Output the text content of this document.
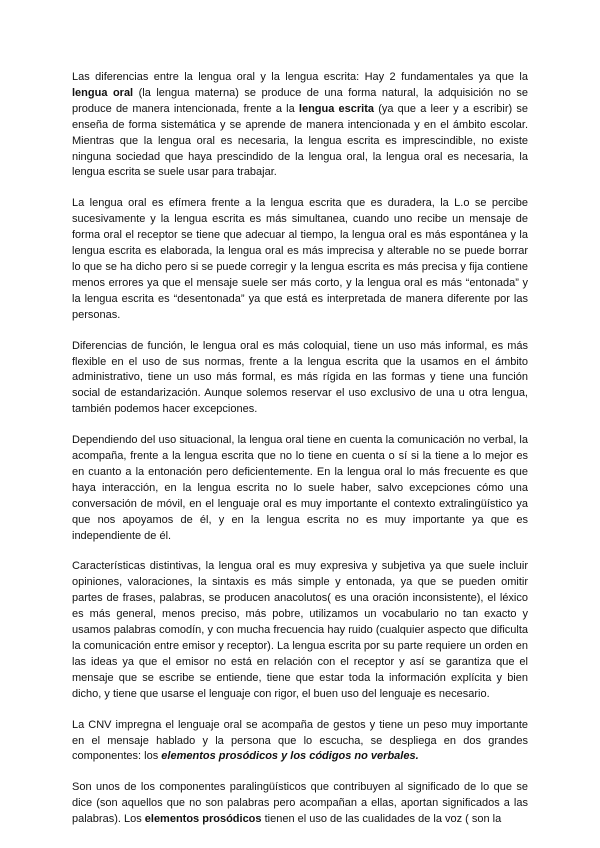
Las diferencias entre la lengua oral y la lengua escrita: Hay 2 fundamentales ya que la lengua oral (la lengua materna) se produce de una forma natural, la adquisición no se produce de manera intencionada, frente a la lengua escrita (ya que a leer y a escribir) se enseña de forma sistemática y se aprende de manera intencionada y en el ámbito escolar. Mientras que la lengua oral es necesaria, la lengua escrita es imprescindible, no existe ninguna sociedad que haya prescindido de la lengua oral, la lengua oral es necesaria, la lengua escrita se suele usar para trabajar.

La lengua oral es efímera frente a la lengua escrita que es duradera, la L.o se percibe sucesivamente y la lengua escrita es más simultanea, cuando uno recibe un mensaje de forma oral el receptor se tiene que adecuar al tiempo, la lengua oral es más espontánea y la lengua escrita es elaborada, la lengua oral es más imprecisa y alterable no se puede borrar lo que se ha dicho pero si se puede corregir y la lengua escrita es más precisa y fija contiene menos errores ya que el mensaje suele ser más corto, y la lengua oral es más “entonada” y la lengua escrita es “desentonada” ya que está es interpretada de manera diferente por las personas.

Diferencias de función, le lengua oral es más coloquial, tiene un uso más informal, es más flexible en el uso de sus normas, frente a la lengua escrita que la usamos en el ámbito administrativo, tiene un uso más formal, es más rígida en las formas y tiene una función social de estandarización. Aunque solemos reservar el uso exclusivo de una u otra lengua, también podemos hacer excepciones.

Dependiendo del uso situacional, la lengua oral tiene en cuenta la comunicación no verbal, la acompaña, frente a la lengua escrita que no lo tiene en cuenta o sí si la tiene a lo mejor es en cuanto a la entonación pero deficientemente. En la lengua oral lo más frecuente es que haya interacción, en la lengua escrita no lo suele haber, salvo excepciones cómo una conversación de móvil, en el lenguaje oral es muy importante el contexto extralingüístico ya que nos apoyamos de él, y en la lengua escrita no es muy importante ya que es independiente de él.

Características distintivas, la lengua oral es muy expresiva y subjetiva ya que suele incluir opiniones, valoraciones, la sintaxis es más simple y entonada, ya que se pueden omitir partes de frases, palabras, se producen anacolutos( es una oración inconsistente), el léxico es más general, menos preciso, más pobre, utilizamos un vocabulario no tan exacto y usamos palabras comodín, y con mucha frecuencia hay ruido (cualquier aspecto que dificulta la comunicación entre emisor y receptor). La lengua escrita por su parte requiere un orden en las ideas ya que el emisor no está en relación con el receptor y así se garantiza que el mensaje que se escribe se entiende, tiene que estar toda la información explícita y bien dicho, y tiene que usarse el lenguaje con rigor, el buen uso del lenguaje es necesario.

La CNV impregna el lenguaje oral se acompaña de gestos y tiene un peso muy importante en el mensaje hablado y la persona que lo escucha, se despliega en dos grandes componentes: los elementos prosódicos y los códigos no verbales.

Son unos de los componentes paralingüísticos que contribuyen al significado de lo que se dice (son aquellos que no son palabras pero acompañan a ellas, aportan significados a las palabras). Los elementos prosódicos tienen el uso de las cualidades de la voz ( son la
